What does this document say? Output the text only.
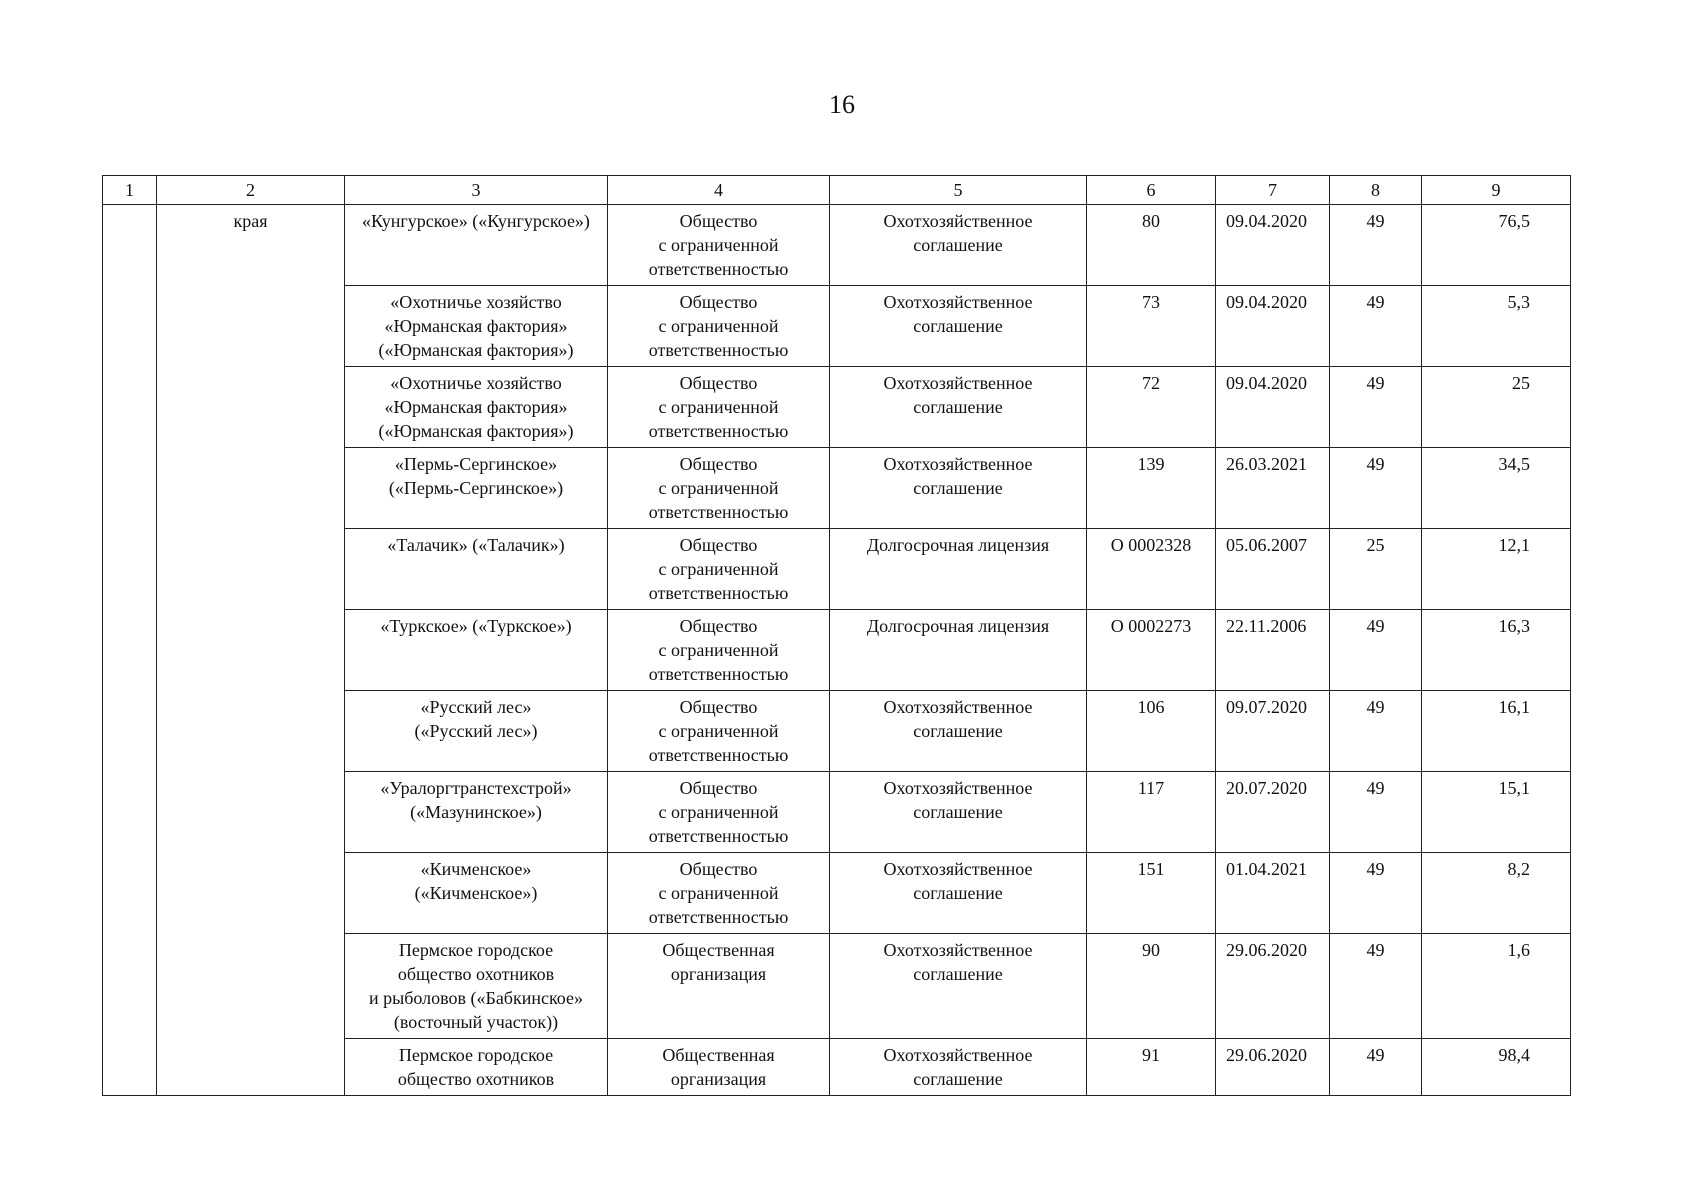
16
1	2	3	4	5	6	7	8	9
	края	«Кунгурское» («Кунгурское»)	Общество
с ограниченной
ответственностью	Охотхозяйственное
соглашение	80	09.04.2020	49	76,5

		«Охотничье хозяйство
«Юрманская фактория»
(«Юрманская фактория»)	Общество
с ограниченной
ответственностью	Охотхозяйственное
соглашение	73	09.04.2020	49	5,3

		«Охотничье хозяйство
«Юрманская фактория»
(«Юрманская фактория»)	Общество
с ограниченной
ответственностью	Охотхозяйственное
соглашение	72	09.04.2020	49	25

		«Пермь-Сергинское»
(«Пермь-Сергинское»)	Общество
с ограниченной
ответственностью	Охотхозяйственное
соглашение	139	26.03.2021	49	34,5

		«Талачик» («Талачик»)	Общество
с ограниченной
ответственностью	Долгосрочная лицензия	О 0002328	05.06.2007	25	12,1

		«Туркское» («Туркское»)	Общество
с ограниченной
ответственностью	Долгосрочная лицензия	О 0002273	22.11.2006	49	16,3

		«Русский лес»
(«Русский лес»)	Общество
с ограниченной
ответственностью	Охотхозяйственное
соглашение	106	09.07.2020	49	16,1

		«Уралоргтранстехстрой»
(«Мазунинское»)	Общество
с ограниченной
ответственностью	Охотхозяйственное
соглашение	117	20.07.2020	49	15,1

		«Кичменское»
(«Кичменское»)	Общество
с ограниченной
ответственностью	Охотхозяйственное
соглашение	151	01.04.2021	49	8,2

		Пермское городское
общество охотников
и рыболовов («Бабкинское»
(восточный участок))	Общественная
организация	Охотхозяйственное
соглашение	90	29.06.2020	49	1,6

		Пермское городское
общество охотников	Общественная
организация	Охотхозяйственное
соглашение	91	29.06.2020	49	98,4
